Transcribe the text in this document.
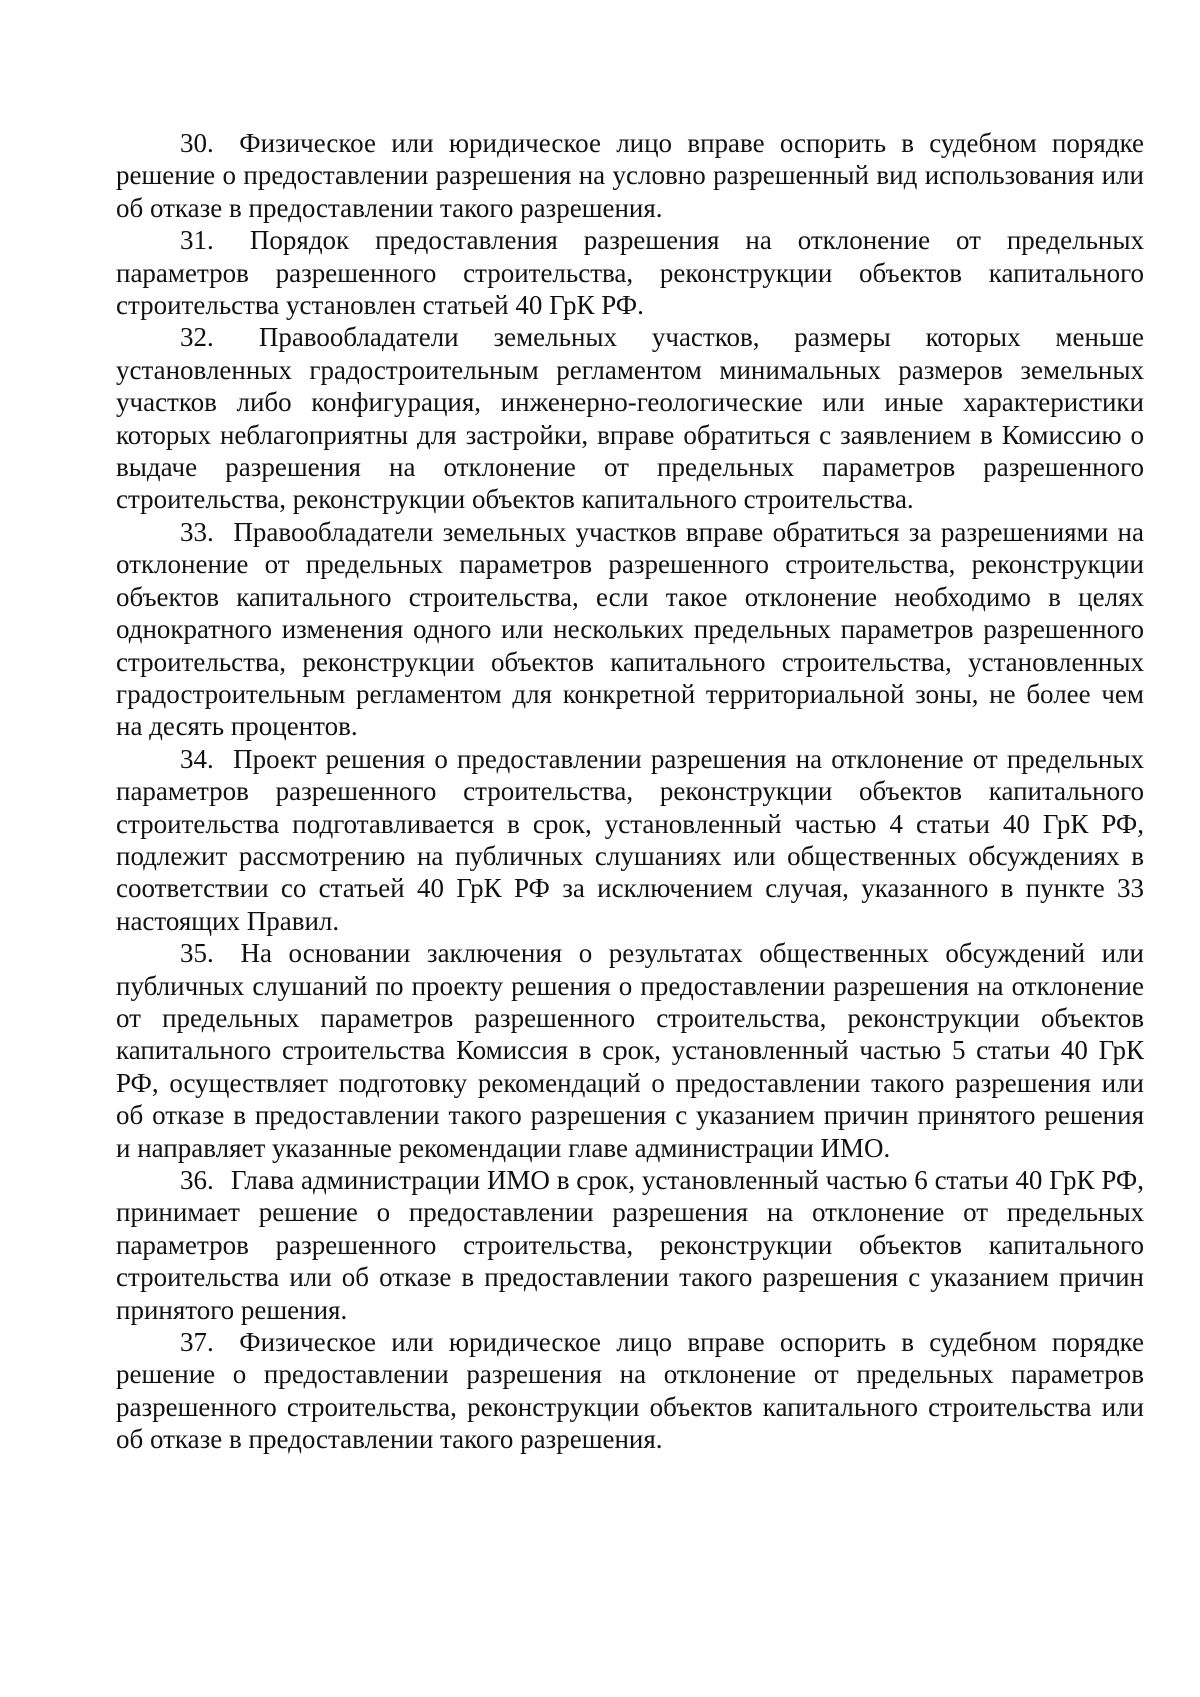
30. Физическое или юридическое лицо вправе оспорить в судебном порядке решение о предоставлении разрешения на условно разрешенный вид использования или об отказе в предоставлении такого разрешения.

31. Порядок предоставления разрешения на отклонение от предельных параметров разрешенного строительства, реконструкции объектов капитального строительства установлен статьей 40 ГрК РФ.

32. Правообладатели земельных участков, размеры которых меньше установленных градостроительным регламентом минимальных размеров земельных участков либо конфигурация, инженерно-геологические или иные характеристики которых неблагоприятны для застройки, вправе обратиться с заявлением в Комиссию о выдаче разрешения на отклонение от предельных параметров разрешенного строительства, реконструкции объектов капитального строительства.

33. Правообладатели земельных участков вправе обратиться за разрешениями на отклонение от предельных параметров разрешенного строительства, реконструкции объектов капитального строительства, если такое отклонение необходимо в целях однократного изменения одного или нескольких предельных параметров разрешенного строительства, реконструкции объектов капитального строительства, установленных градостроительным регламентом для конкретной территориальной зоны, не более чем на десять процентов.

34. Проект решения о предоставлении разрешения на отклонение от предельных параметров разрешенного строительства, реконструкции объектов капитального строительства подготавливается в срок, установленный частью 4 статьи 40 ГрК РФ, подлежит рассмотрению на публичных слушаниях или общественных обсуждениях в соответствии со статьей 40 ГрК РФ за исключением случая, указанного в пункте 33 настоящих Правил.

35. На основании заключения о результатах общественных обсуждений или публичных слушаний по проекту решения о предоставлении разрешения на отклонение от предельных параметров разрешенного строительства, реконструкции объектов капитального строительства Комиссия в срок, установленный частью 5 статьи 40 ГрК РФ, осуществляет подготовку рекомендаций о предоставлении такого разрешения или об отказе в предоставлении такого разрешения с указанием причин принятого решения и направляет указанные рекомендации главе администрации ИМО.

36. Глава администрации ИМО в срок, установленный частью 6 статьи 40 ГрК РФ, принимает решение о предоставлении разрешения на отклонение от предельных параметров разрешенного строительства, реконструкции объектов капитального строительства или об отказе в предоставлении такого разрешения с указанием причин принятого решения.

37. Физическое или юридическое лицо вправе оспорить в судебном порядке решение о предоставлении разрешения на отклонение от предельных параметров разрешенного строительства, реконструкции объектов капитального строительства или об отказе в предоставлении такого разрешения.
